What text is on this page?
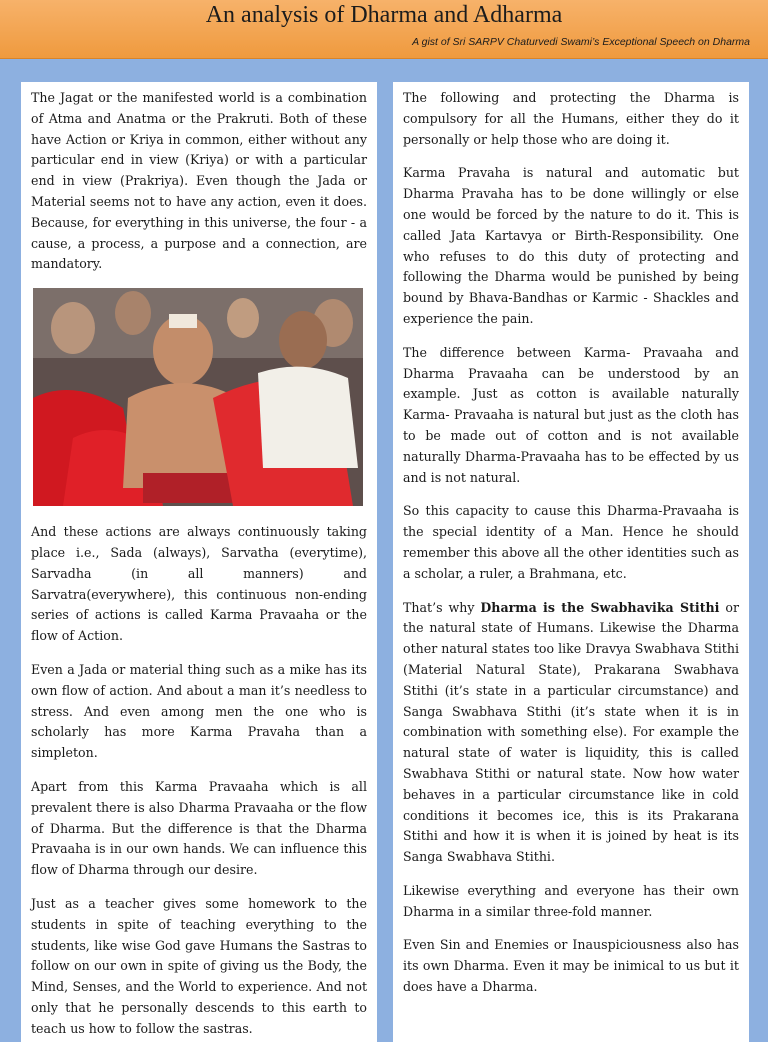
An analysis of Dharma and Adharma
A gist of Sri SARPV Chaturvedi Swami’s Exceptional Speech on Dharma

The Jagat or the manifested world is a combination of Atma and Anatma or the Prakruti. Both of these have Action or Kriya in common, either without any particular end in view (Kriya) or with a particular end in view (Prakriya). Even though the Jada or Material seems not to have any action, even it does. Because, for everything in this universe, the four - a cause, a process, a purpose and a connection, are mandatory.

And these actions are always continuously taking place i.e., Sada (always), Sarvatha (everytime), Sarvadha (in all manners) and Sarvatra(everywhere), this continuous non-ending series of actions is called Karma Pravaaha or the flow of Action.

Even a Jada or material thing such as a mike has its own flow of action. And about a man it’s needless to stress. And even among men the one who is scholarly has more Karma Pravaha than a simpleton.

Apart from this Karma Pravaaha which is all prevalent there is also Dharma Pravaaha or the flow of Dharma. But the difference is that the Dharma Pravaaha is in our own hands. We can influence this flow of Dharma through our desire.

Just as a teacher gives some homework to the students in spite of teaching everything to the students, like wise God gave Humans the Sastras to follow on our own in spite of giving us the Body, the Mind, Senses, and the World to experience. And not only that he personally descends to this earth to teach us how to follow the sastras.

The following and protecting the Dharma is compulsory for all the Humans, either they do it personally or help those who are doing it.

Karma Pravaha is natural and automatic but Dharma Pravaha has to be done willingly or else one would be forced by the nature to do it. This is called Jata Kartavya or Birth-Responsibility. One who refuses to do this duty of protecting and following the Dharma would be punished by being bound by Bhava-Bandhas or Karmic - Shackles and experience the pain.

The difference between Karma- Pravaaha and Dharma Pravaaha can be understood by an example. Just as cotton is available naturally Karma- Pravaaha is natural but just as the cloth has to be made out of cotton and is not available naturally Dharma-Pravaaha has to be effected by us and is not natural.

So this capacity to cause this Dharma-Pravaaha is the special identity of a Man. Hence he should remember this above all the other identities such as a scholar, a ruler, a Brahmana, etc.

That’s why Dharma is the Swabhavika Stithi or the natural state of Humans. Likewise the Dharma other natural states too like Dravya Swabhava Stithi (Material Natural State), Prakarana Swabhava Stithi (it’s state in a particular circumstance) and Sanga Swabhava Stithi (it’s state when it is in combination with something else). For example the natural state of water is liquidity, this is called Swabhava Stithi or natural state. Now how water behaves in a particular circumstance like in cold conditions it becomes ice, this is its Prakarana Stithi and how it is when it is joined by heat is its Sanga Swabhava Stithi.

Likewise everything and everyone has their own Dharma in a similar three-fold manner.

Even Sin and Enemies or Inauspiciousness also has its own Dharma. Even it may be inimical to us but it does have a Dharma.
